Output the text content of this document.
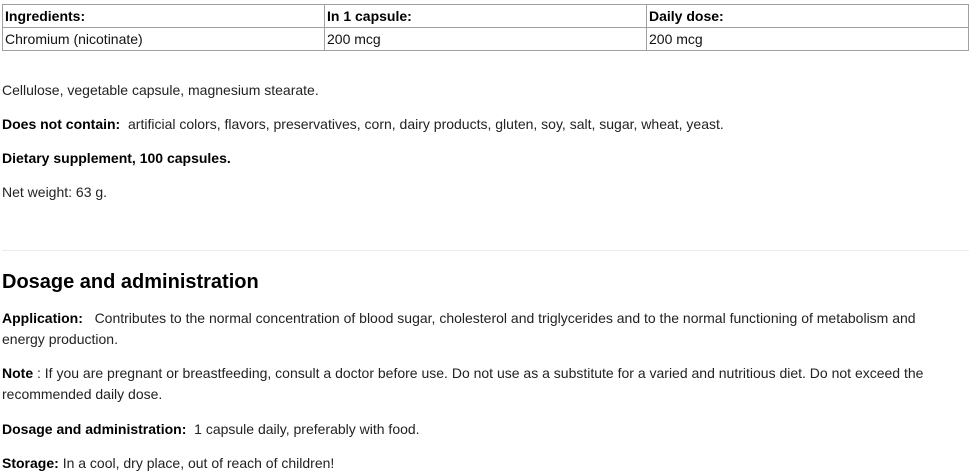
Ingredients:	In 1 capsule:	Daily dose:
Chromium (nicotinate)	200 mcg	200 mcg

Cellulose, vegetable capsule, magnesium stearate.

Does not contain: artificial colors, flavors, preservatives, corn, dairy products, gluten, soy, salt, sugar, wheat, yeast.

Dietary supplement, 100 capsules.

Net weight: 63 g.

Dosage and administration

Application: Contributes to the normal concentration of blood sugar, cholesterol and triglycerides and to the normal functioning of metabolism and energy production.

Note : If you are pregnant or breastfeeding, consult a doctor before use. Do not use as a substitute for a varied and nutritious diet. Do not exceed the recommended daily dose.

Dosage and administration: 1 capsule daily, preferably with food.

Storage: In a cool, dry place, out of reach of children!
